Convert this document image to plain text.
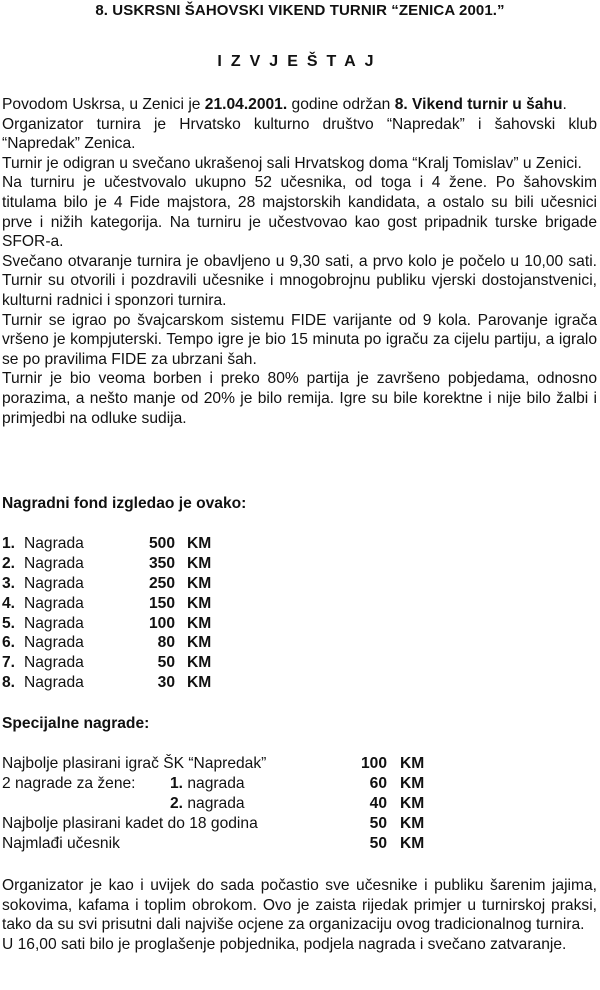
8. USKRSNI ŠAHOVSKI VIKEND TURNIR “ZENICA 2001.”
IZVJEŠTAJ

Povodom Uskrsa, u Zenici je 21.04.2001. godine održan 8. Vikend turnir u šahu.

Organizator turnira je Hrvatsko kulturno društvo “Napredak” i šahovski klub “Napredak” Zenica.

Turnir je odigran u svečano ukrašenoj sali Hrvatskog doma “Kralj Tomislav” u Zenici.

Na turniru je učestvovalo ukupno 52 učesnika, od toga i 4 žene. Po šahovskim titulama bilo je 4 Fide majstora, 28 majstorskih kandidata, a ostalo su bili učesnici prve i nižih kategorija. Na turniru je učestvovao kao gost pripadnik turske brigade SFOR-a.

Svečano otvaranje turnira je obavljeno u 9,30 sati, a prvo kolo je počelo u 10,00 sati. Turnir su otvorili i pozdravili učesnike i mnogobrojnu publiku vjerski dostojanstvenici, kulturni radnici i sponzori turnira.

Turnir se igrao po švajcarskom sistemu FIDE varijante od 9 kola. Parovanje igrača vršeno je kompjuterski. Tempo igre je bio 15 minuta po igraču za cijelu partiju, a igralo se po pravilima FIDE za ubrzani šah.

Turnir je bio veoma borben i preko 80% partija je završeno pobjedama, odnosno porazima, a nešto manje od 20% je bilo remija. Igre su bile korektne i nije bilo žalbi i primjedbi na odluke sudija.

Nagradni fond izgledao je ovako:
1. Nagrada	500 KM
2. Nagrada	350 KM
3. Nagrada	250 KM
4. Nagrada	150 KM
5. Nagrada	100 KM
6. Nagrada	80 KM
7. Nagrada	50 KM
8. Nagrada	30 KM
Specijalne nagrade:
Najbolje plasirani igrač ŠK “Napredak”	100 KM
2 nagrade za žene: 1. nagrada	60 KM
2. nagrada	40 KM
Najbolje plasirani kadet do 18 godina	50 KM
Najmlađi učesnik	50 KM

Organizator je kao i uvijek do sada počastio sve učesnike i publiku šarenim jajima, sokovima, kafama i toplim obrokom. Ovo je zaista rijedak primjer u turnirskoj praksi, tako da su svi prisutni dali najviše ocjene za organizaciju ovog tradicionalnog turnira.

U 16,00 sati bilo je proglašenje pobjednika, podjela nagrada i svečano zatvaranje.
